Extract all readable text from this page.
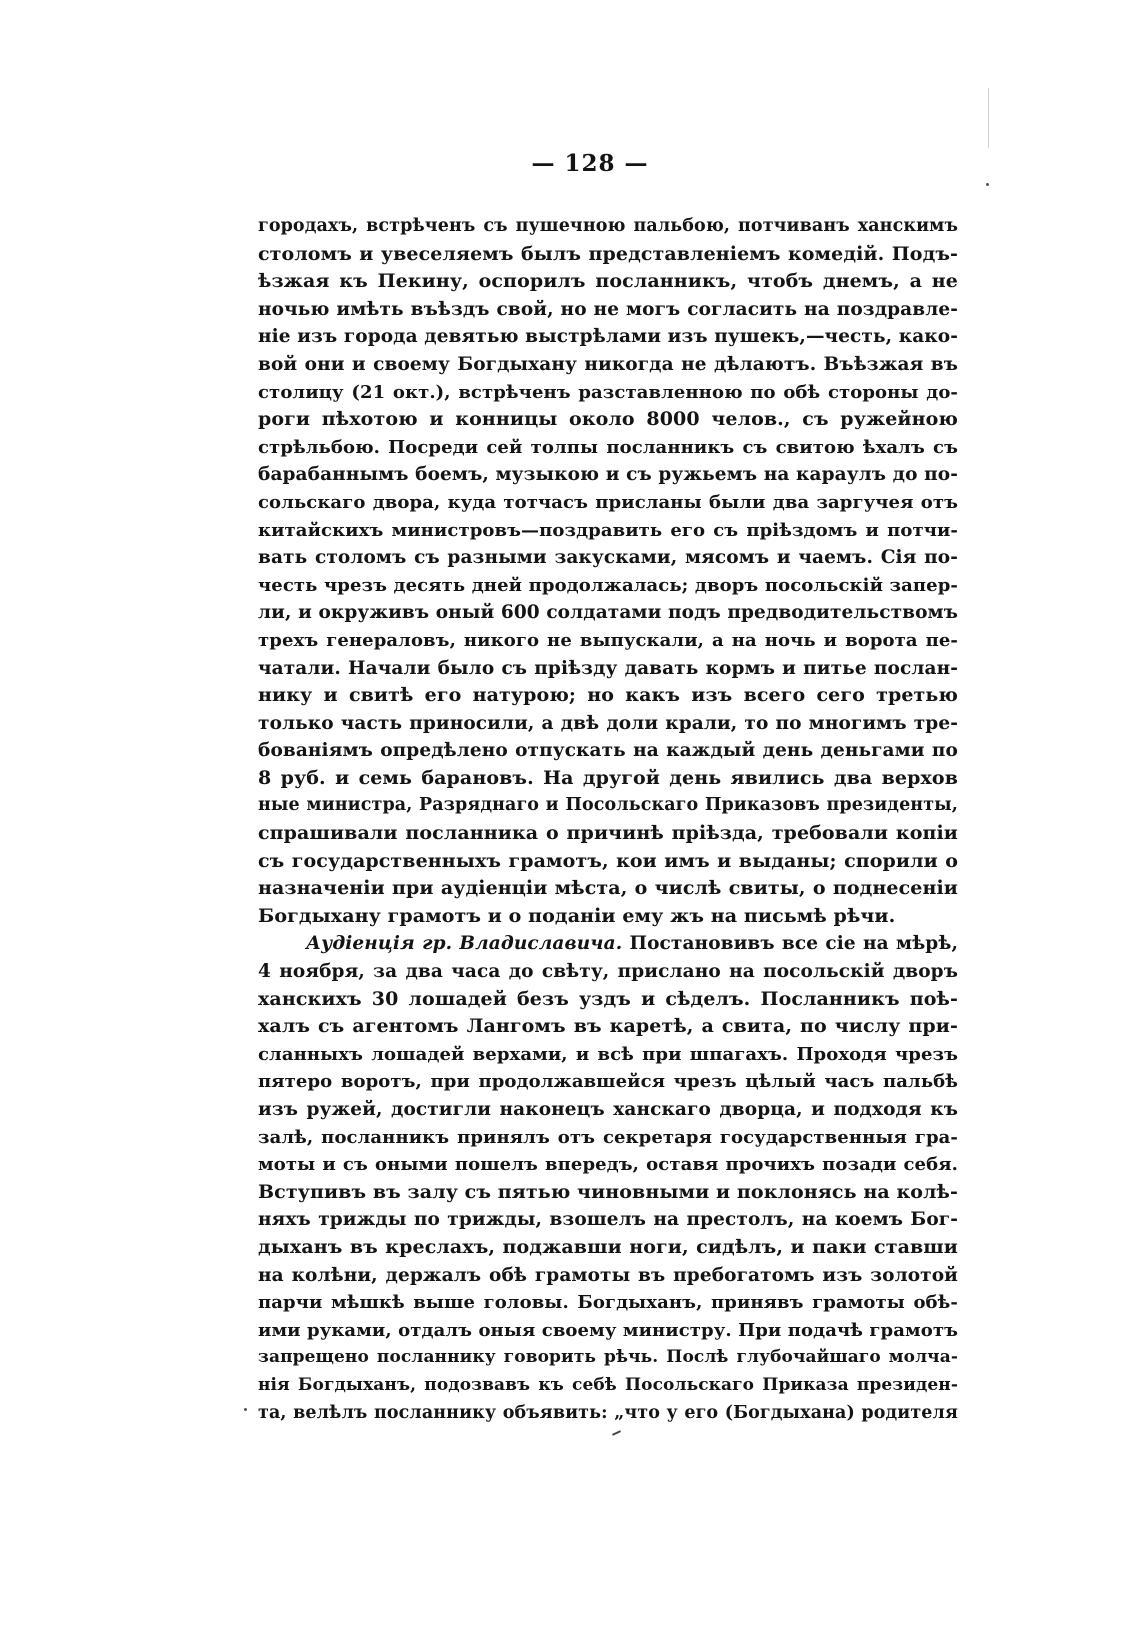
— 128 —
городахъ, встрѣченъ съ пушечною пальбою, потчиванъ ханскимъ
столомъ и увеселяемъ былъ представленіемъ комедій. Подъ-
ѣзжая къ Пекину, оспорилъ посланникъ, чтобъ днемъ, а не
ночью имѣть въѣздъ свой, но не могъ согласить на поздравле-
ніе изъ города девятью выстрѣлами изъ пушекъ,—честь, како-
вой они и своему Богдыхану никогда не дѣлаютъ. Въѣзжая въ
столицу (21 окт.), встрѣченъ разставленною по обѣ стороны до-
роги пѣхотою и конницы около 8000 челов., съ ружейною
стрѣльбою. Посреди сей толпы посланникъ съ свитою ѣхалъ съ
барабаннымъ боемъ, музыкою и съ ружьемъ на караулъ до по-
сольскаго двора, куда тотчасъ присланы были два заргучея отъ
китайскихъ министровъ—поздравить его съ пріѣздомъ и потчи-
вать столомъ съ разными закусками, мясомъ и чаемъ. Сія по-
честь чрезъ десять дней продолжалась; дворъ посольскій запер-
ли, и окруживъ оный 600 солдатами подъ предводительствомъ
трехъ генераловъ, никого не выпускали, а на ночь и ворота пе-
чатали. Начали было съ пріѣзду давать кормъ и питье послан-
нику и свитѣ его натурою; но какъ изъ всего сего третью
только часть приносили, а двѣ доли крали, то по многимъ тре-
бованіямъ опредѣлено отпускать на каждый день деньгами по
8 руб. и семь барановъ. На другой день явились два верхов
ные министра, Разряднаго и Посольскаго Приказовъ президенты,
спрашивали посланника о причинѣ пріѣзда, требовали копіи
съ государственныхъ грамотъ, кои имъ и выданы; спорили о
назначеніи при аудіенціи мѣста, о числѣ свиты, о поднесеніи
Богдыхану грамотъ и о поданіи ему жъ на письмѣ рѣчи.
Аудіенція гр. Владиславича. Постановивъ все сіе на мѣрѣ,
4 ноября, за два часа до свѣту, прислано на посольскій дворъ
ханскихъ 30 лошадей безъ уздъ и сѣделъ. Посланникъ поѣ-
халъ съ агентомъ Лангомъ въ каретѣ, а свита, по числу при-
сланныхъ лошадей верхами, и всѣ при шпагахъ. Проходя чрезъ
пятеро воротъ, при продолжавшейся чрезъ цѣлый часъ пальбѣ
изъ ружей, достигли наконецъ ханскаго дворца, и подходя къ
залѣ, посланникъ принялъ отъ секретаря государственныя гра-
моты и съ оными пошелъ впередъ, оставя прочихъ позади себя.
Вступивъ въ залу съ пятью чиновными и поклонясь на колѣ-
няхъ трижды по трижды, взошелъ на престолъ, на коемъ Бог-
дыханъ въ креслахъ, поджавши ноги, сидѣлъ, и паки ставши
на колѣни, держалъ обѣ грамоты въ пребогатомъ изъ золотой
парчи мѣшкѣ выше головы. Богдыханъ, принявъ грамоты обѣ-
ими руками, отдалъ оныя своему министру. При подачѣ грамотъ
запрещено посланнику говорить рѣчь. Послѣ глубочайшаго молча-
нія Богдыханъ, подозвавъ къ себѣ Посольскаго Приказа президен-
та, велѣлъ посланнику объявить: „что у его (Богдыхана) родителя
